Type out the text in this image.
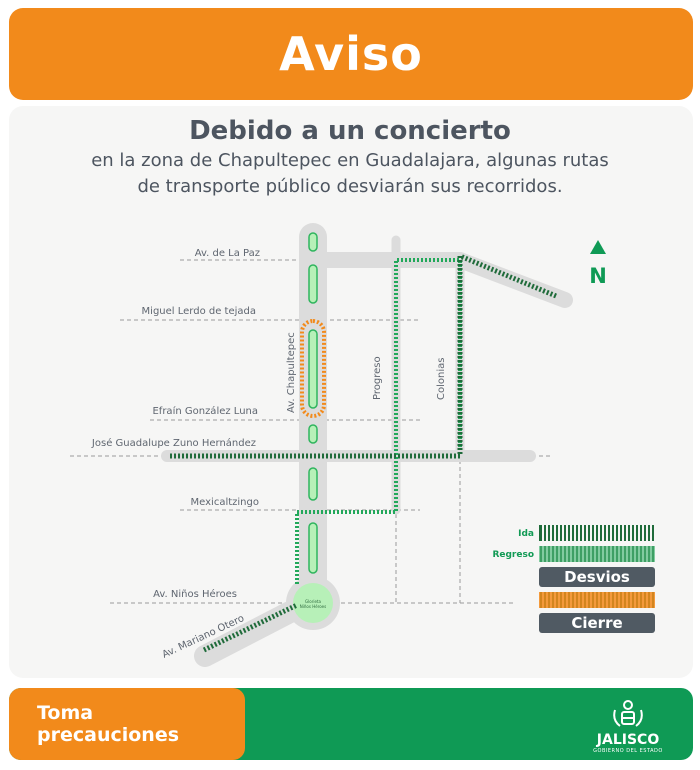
Aviso
Debido a un concierto
en la zona de Chapultepec en Guadalajara, algunas rutas
de transporte público desviarán sus recorridos.
Glorieta
Niños Héroes
N
Av. de La Paz
Miguel Lerdo de tejada
Efraín González Luna
José Guadalupe Zuno Hernández
Mexicaltzingo
Av. Niños Héroes
Av. Mariano Otero
Av. Chapultepec	Progreso	Colonias
Ida
Regreso
Desvios
Cierre
Toma precauciones	JALISCO
GOBIERNO DEL ESTADO
